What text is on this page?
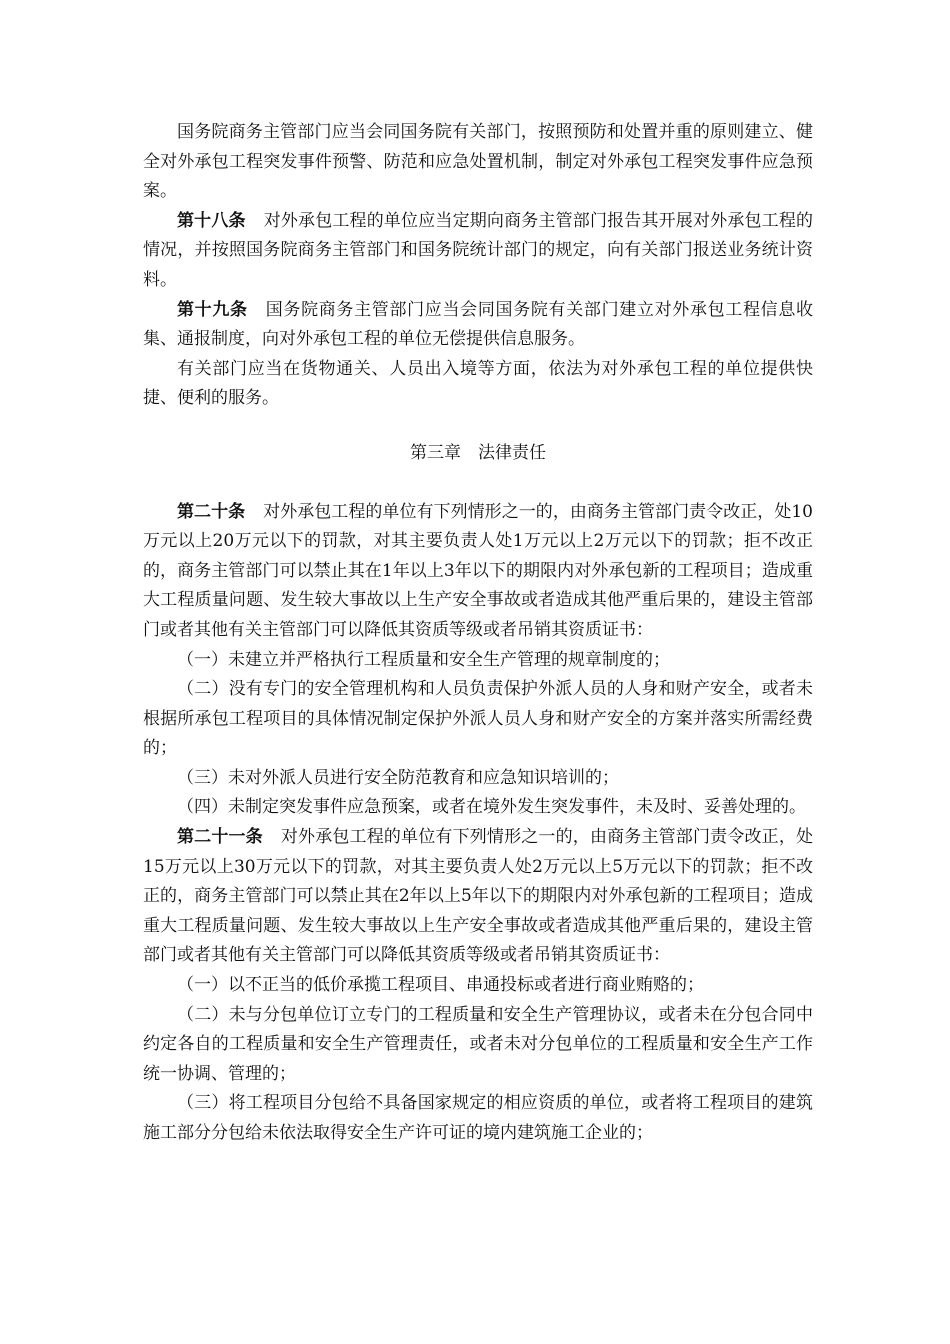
国务院商务主管部门应当会同国务院有关部门，按照预防和处置并重的原则建立、健全对外承包工程突发事件预警、防范和应急处置机制，制定对外承包工程突发事件应急预案。

第十八条 对外承包工程的单位应当定期向商务主管部门报告其开展对外承包工程的情况，并按照国务院商务主管部门和国务院统计部门的规定，向有关部门报送业务统计资料。

第十九条 国务院商务主管部门应当会同国务院有关部门建立对外承包工程信息收集、通报制度，向对外承包工程的单位无偿提供信息服务。

有关部门应当在货物通关、人员出入境等方面，依法为对外承包工程的单位提供快捷、便利的服务。

第三章 法律责任

第二十条 对外承包工程的单位有下列情形之一的，由商务主管部门责令改正，处10万元以上20万元以下的罚款，对其主要负责人处1万元以上2万元以下的罚款；拒不改正的，商务主管部门可以禁止其在1年以上3年以下的期限内对外承包新的工程项目；造成重大工程质量问题、发生较大事故以上生产安全事故或者造成其他严重后果的，建设主管部门或者其他有关主管部门可以降低其资质等级或者吊销其资质证书：

（一）未建立并严格执行工程质量和安全生产管理的规章制度的；

（二）没有专门的安全管理机构和人员负责保护外派人员的人身和财产安全，或者未根据所承包工程项目的具体情况制定保护外派人员人身和财产安全的方案并落实所需经费的；

（三）未对外派人员进行安全防范教育和应急知识培训的；

（四）未制定突发事件应急预案，或者在境外发生突发事件，未及时、妥善处理的。

第二十一条 对外承包工程的单位有下列情形之一的，由商务主管部门责令改正，处15万元以上30万元以下的罚款，对其主要负责人处2万元以上5万元以下的罚款；拒不改正的，商务主管部门可以禁止其在2年以上5年以下的期限内对外承包新的工程项目；造成重大工程质量问题、发生较大事故以上生产安全事故或者造成其他严重后果的，建设主管部门或者其他有关主管部门可以降低其资质等级或者吊销其资质证书：

（一）以不正当的低价承揽工程项目、串通投标或者进行商业贿赂的；

（二）未与分包单位订立专门的工程质量和安全生产管理协议，或者未在分包合同中约定各自的工程质量和安全生产管理责任，或者未对分包单位的工程质量和安全生产工作统一协调、管理的；

（三）将工程项目分包给不具备国家规定的相应资质的单位，或者将工程项目的建筑施工部分分包给未依法取得安全生产许可证的境内建筑施工企业的；
